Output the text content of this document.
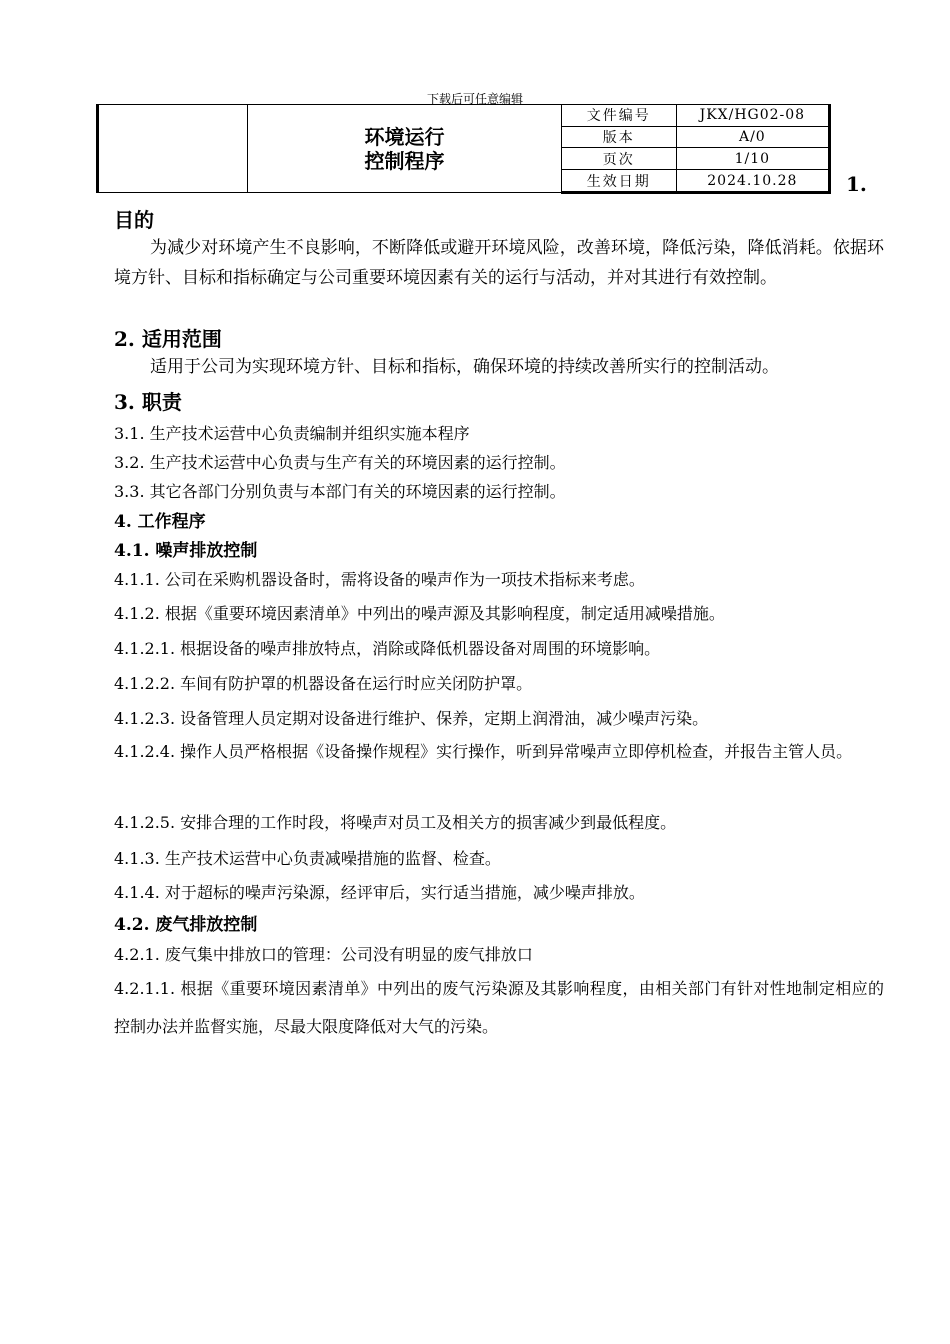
下载后可任意编辑

	环境运行
控制程序	文件编号	JKX/HG02-08
		版本	A/0
		页次	1/10
		生效日期	2024.10.28 1.
目的
为减少对环境产生不良影响，不断降低或避开环境风险，改善环境，降低污染，降低消耗。依据环境方针、目标和指标确定与公司重要环境因素有关的运行与活动，并对其进行有效控制。
2. 适用范围
适用于公司为实现环境方针、目标和指标，确保环境的持续改善所实行的控制活动。
3. 职责
3.1. 生产技术运营中心负责编制并组织实施本程序
3.2. 生产技术运营中心负责与生产有关的环境因素的运行控制。
3.3. 其它各部门分别负责与本部门有关的环境因素的运行控制。
4. 工作程序
4.1. 噪声排放控制
4.1.1. 公司在采购机器设备时，需将设备的噪声作为一项技术指标来考虑。
4.1.2. 根据《重要环境因素清单》中列出的噪声源及其影响程度，制定适用减噪措施。
4.1.2.1. 根据设备的噪声排放特点，消除或降低机器设备对周围的环境影响。
4.1.2.2. 车间有防护罩的机器设备在运行时应关闭防护罩。
4.1.2.3. 设备管理人员定期对设备进行维护、保养，定期上润滑油，减少噪声污染。
4.1.2.4. 操作人员严格根据《设备操作规程》实行操作，听到异常噪声立即停机检查，并报告主管人员。
4.1.2.5. 安排合理的工作时段，将噪声对员工及相关方的损害减少到最低程度。
4.1.3. 生产技术运营中心负责减噪措施的监督、检查。
4.1.4. 对于超标的噪声污染源，经评审后，实行适当措施，减少噪声排放。
4.2. 废气排放控制
4.2.1. 废气集中排放口的管理：公司没有明显的废气排放口
4.2.1.1. 根据《重要环境因素清单》中列出的废气污染源及其影响程度，由相关部门有针对性地制定相应的控制办法并监督实施，尽最大限度降低对大气的污染。
